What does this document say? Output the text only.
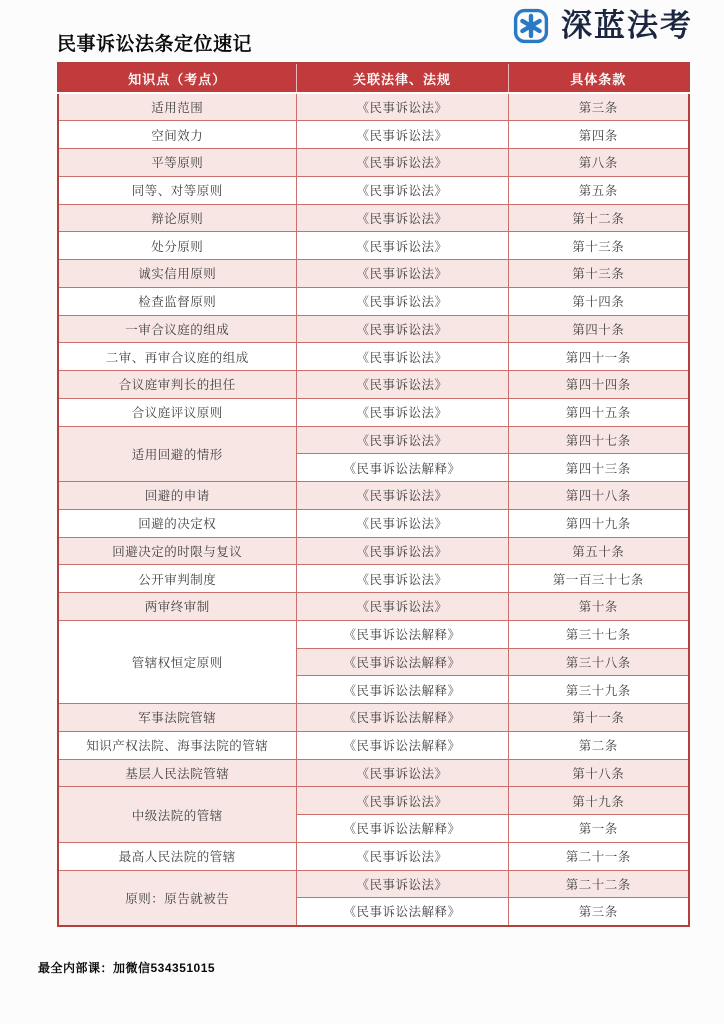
民事诉讼法条定位速记
深蓝法考
知识点（考点）	关联法律、法规	具体条款
适用范围	《民事诉讼法》	第三条
空间效力	《民事诉讼法》	第四条
平等原则	《民事诉讼法》	第八条
同等、对等原则	《民事诉讼法》	第五条
辩论原则	《民事诉讼法》	第十二条
处分原则	《民事诉讼法》	第十三条
诚实信用原则	《民事诉讼法》	第十三条
检查监督原则	《民事诉讼法》	第十四条
一审合议庭的组成	《民事诉讼法》	第四十条
二审、再审合议庭的组成	《民事诉讼法》	第四十一条
合议庭审判长的担任	《民事诉讼法》	第四十四条
合议庭评议原则	《民事诉讼法》	第四十五条
适用回避的情形	《民事诉讼法》	第四十七条
	《民事诉讼法解释》	第四十三条
回避的申请	《民事诉讼法》	第四十八条
回避的决定权	《民事诉讼法》	第四十九条
回避决定的时限与复议	《民事诉讼法》	第五十条
公开审判制度	《民事诉讼法》	第一百三十七条
两审终审制	《民事诉讼法》	第十条
管辖权恒定原则	《民事诉讼法解释》	第三十七条
	《民事诉讼法解释》	第三十八条
	《民事诉讼法解释》	第三十九条
军事法院管辖	《民事诉讼法解释》	第十一条
知识产权法院、海事法院的管辖	《民事诉讼法解释》	第二条
基层人民法院管辖	《民事诉讼法》	第十八条
中级法院的管辖	《民事诉讼法》	第十九条
	《民事诉讼法解释》	第一条
最高人民法院的管辖	《民事诉讼法》	第二十一条
原则：原告就被告	《民事诉讼法》	第二十二条
	《民事诉讼法解释》	第三条
最全内部课：加微信534351015
